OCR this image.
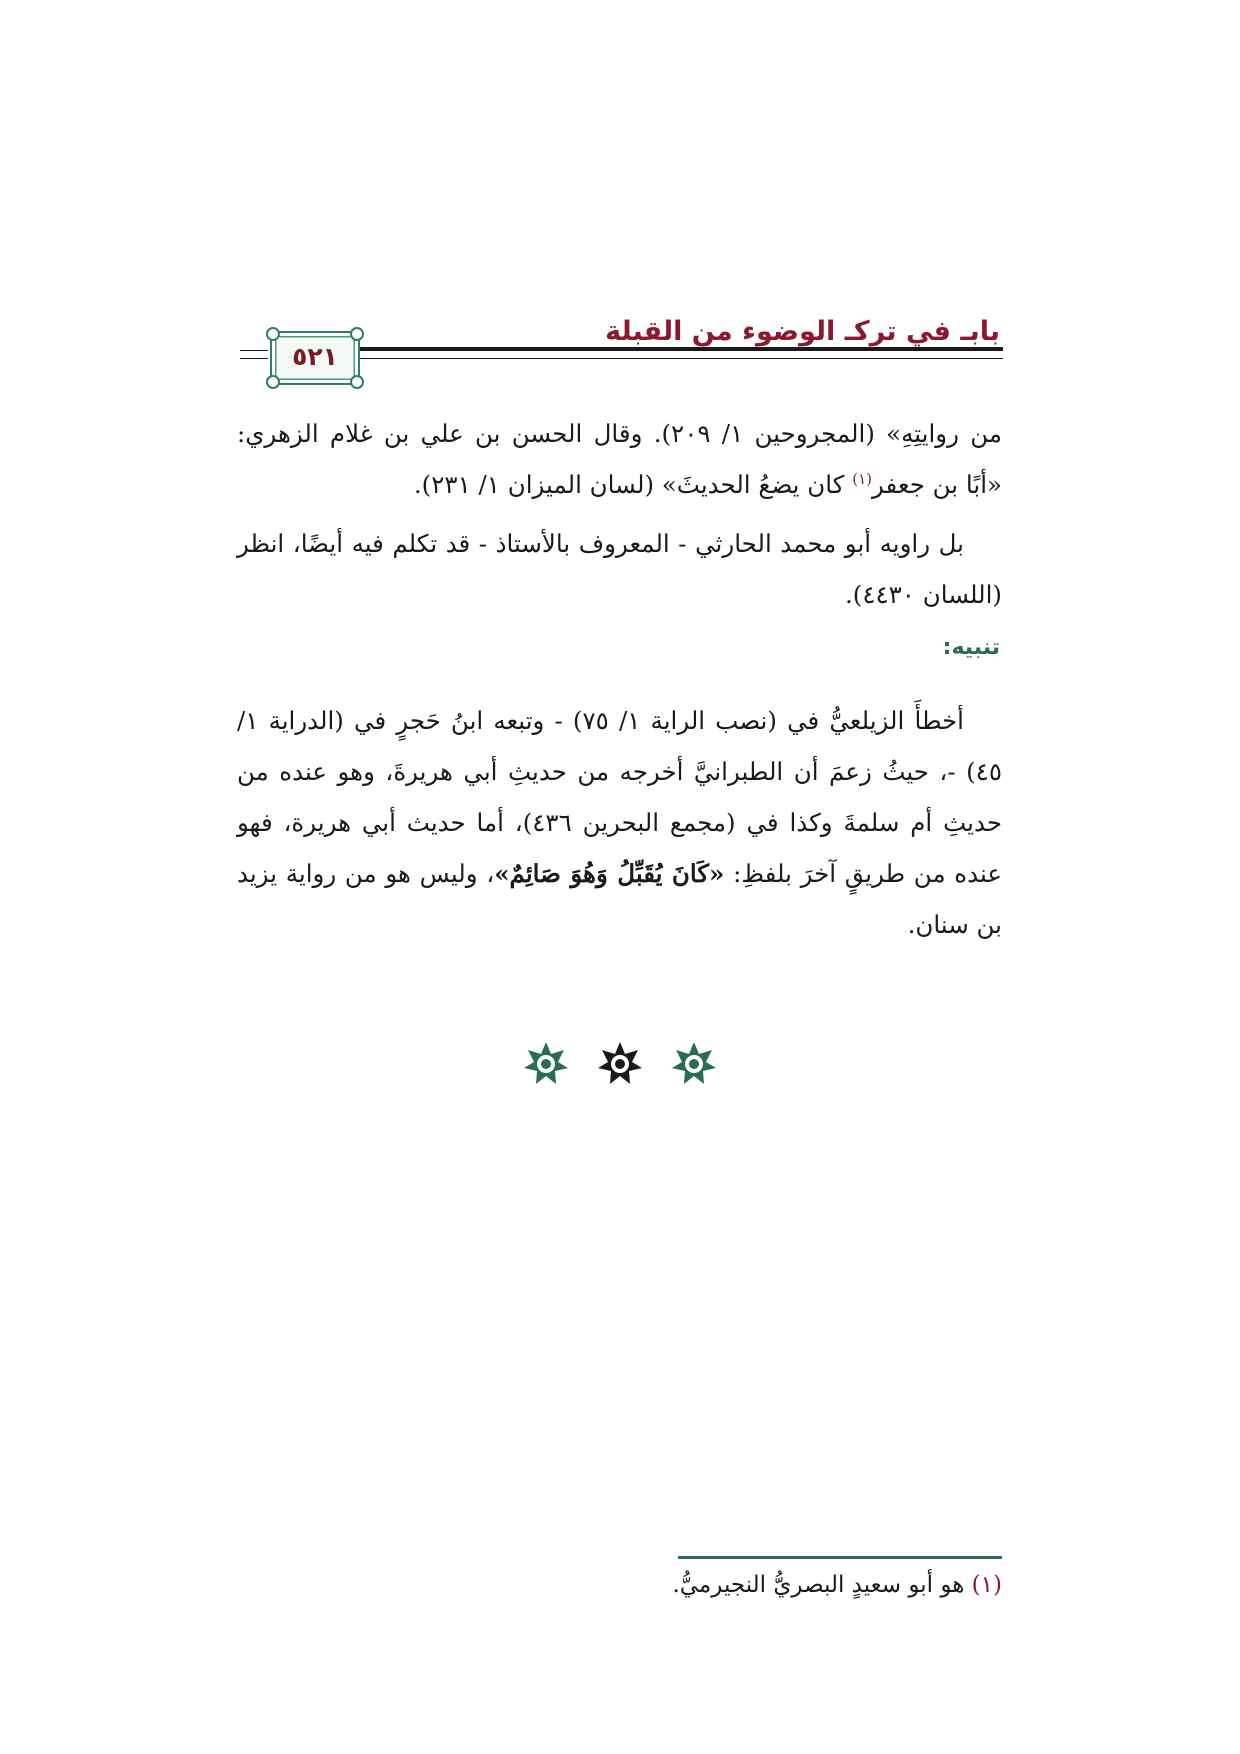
بابـ في تركـ الوضوء من القبلة
٥٢١

من روايتِهِ» (المجروحين ١/ ٢٠٩). وقال الحسن بن علي بن غلام الزهري: «أبًا بن جعفر$^{(١)}$ كان يضعُ الحديثَ» (لسان الميزان ١/ ٢٣١).

بل راويه أبو محمد الحارثي - المعروف بالأستاذ - قد تكلم فيه أيضًا، انظر (اللسان ٤٤٣٠).

تنبيه:

أخطأَ الزيلعيُّ في (نصب الراية ١/ ٧٥) - وتبعه ابنُ حَجرٍ في (الدراية ١/ ٤٥) -، حيثُ زعمَ أن الطبرانيَّ أخرجه من حديثِ أبي هريرةَ، وهو عنده من حديثِ أم سلمةَ وكذا في (مجمع البحرين ٤٣٦)، أما حديث أبي هريرة، فهو عنده من طريقٍ آخرَ بلفظِ: «كَانَ يُقَبِّلُ وَهُوَ صَائِمٌ»، وليس هو من رواية يزيد بن سنان.

(١) هو أبو سعيدٍ البصريُّ النجيرميُّ.
